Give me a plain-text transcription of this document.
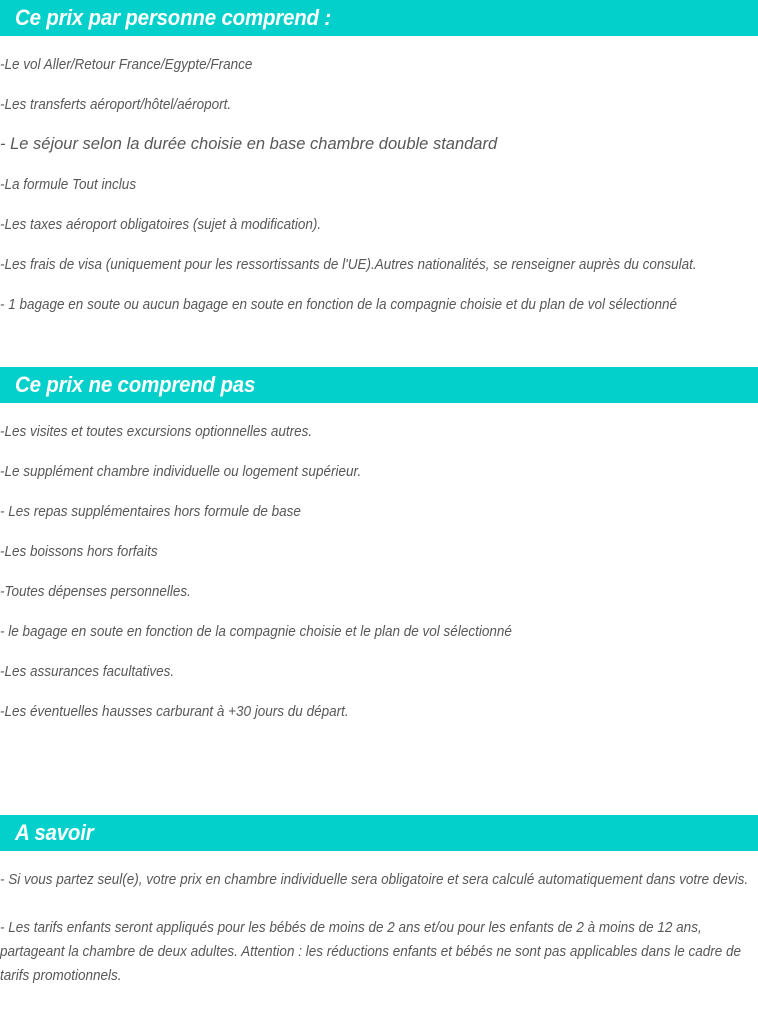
Ce prix par personne comprend :
-Le vol Aller/Retour France/Egypte/France
-Les transferts aéroport/hôtel/aéroport.
- Le séjour selon la durée choisie en base chambre double standard
-La formule Tout inclus
-Les taxes aéroport obligatoires (sujet à modification).
-Les frais de visa (uniquement pour les ressortissants de l'UE).Autres nationalités, se renseigner auprès du consulat.
- 1 bagage en soute ou aucun bagage en soute en fonction de la compagnie choisie et du plan de vol sélectionné
Ce prix ne comprend pas
-Les visites et toutes excursions optionnelles autres.
-Le supplément chambre individuelle ou logement supérieur.
- Les repas supplémentaires hors formule de base
-Les boissons hors forfaits
-Toutes dépenses personnelles.
- le bagage en soute en fonction de la compagnie choisie et le plan de vol sélectionné
-Les assurances facultatives.
-Les éventuelles hausses carburant à +30 jours du départ.
A savoir
- Si vous partez seul(e), votre prix en chambre individuelle sera obligatoire et sera calculé automatiquement dans votre devis.
- Les tarifs enfants seront appliqués pour les bébés de moins de 2 ans et/ou pour les enfants de 2 à moins de 12 ans, partageant la chambre de deux adultes. Attention : les réductions enfants et bébés ne sont pas applicables dans le cadre de tarifs promotionnels.
